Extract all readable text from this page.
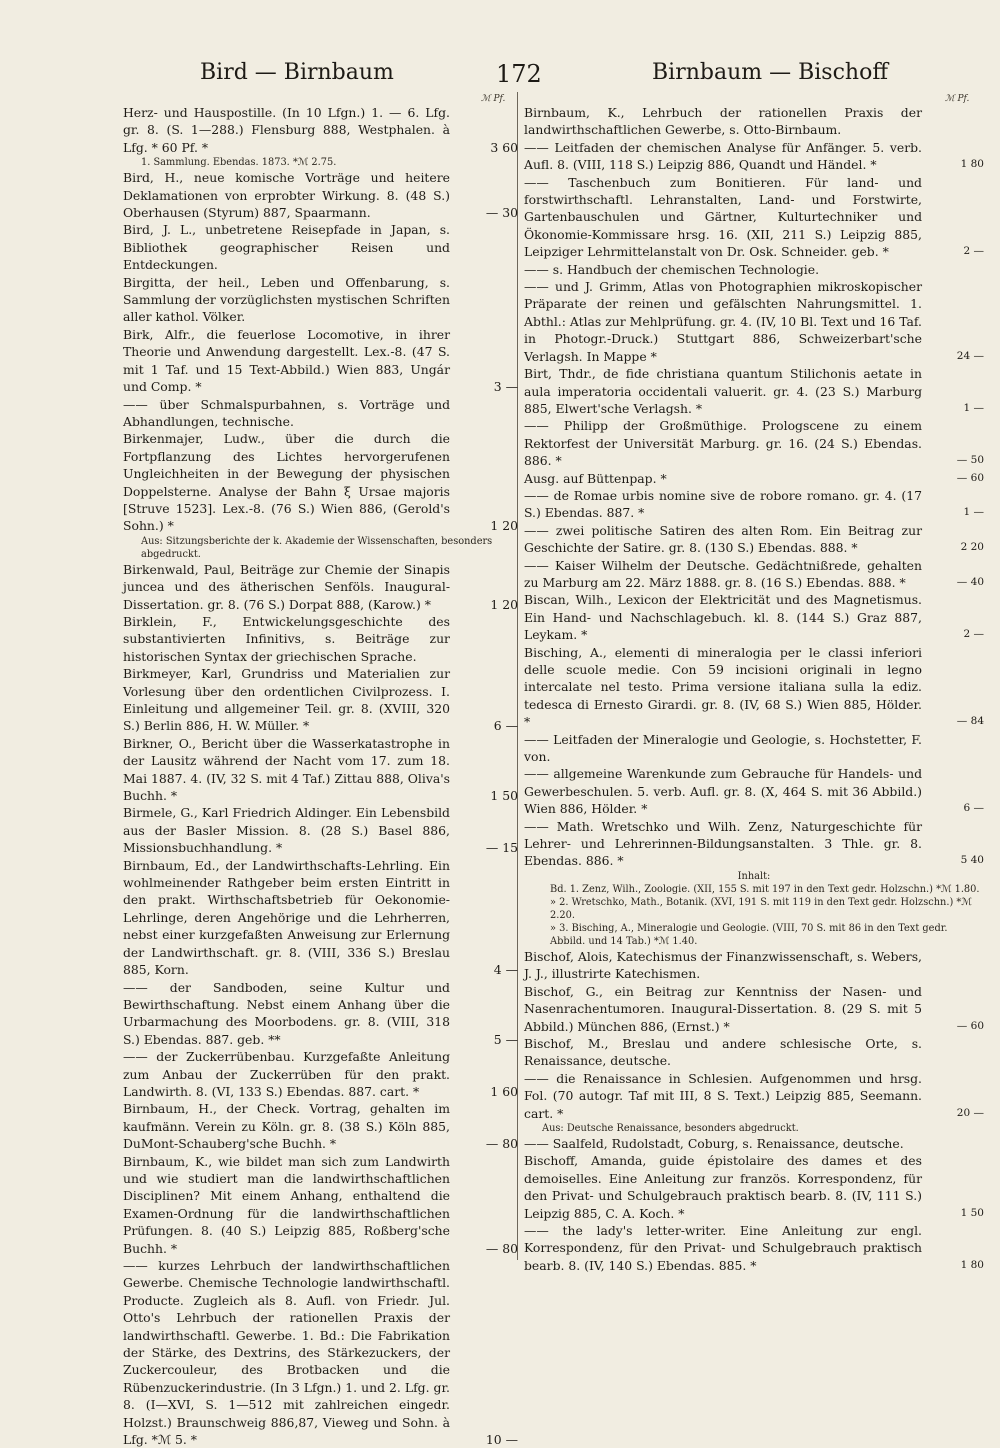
Bird — Birnbaum	172	Birnbaum — Bischoff
ℳ Pf.	ℳ Pf.
Herz- und Hauspostille. (In 10 Lfgn.) 1. — 6. Lfg. gr. 8. (S. 1—288.) Flensburg 888, Westphalen. à Lfg. * 60 Pf. *	3 60
1. Sammlung. Ebendas. 1873. *ℳ 2.75.
Bird, H., neue komische Vorträge und heitere Deklamationen von erprobter Wirkung. 8. (48 S.) Oberhausen (Styrum) 887, Spaarmann.	— 30
Bird, J. L., unbetretene Reisepfade in Japan, s. Bibliothek geographischer Reisen und Entdeckungen.
Birgitta, der heil., Leben und Offenbarung, s. Sammlung der vorzüglichsten mystischen Schriften aller kathol. Völker.
Birk, Alfr., die feuerlose Locomotive, in ihrer Theorie und Anwendung dargestellt. Lex.-8. (47 S. mit 1 Taf. und 15 Text-Abbild.) Wien 883, Ungár und Comp. *	3 —
—— über Schmalspurbahnen, s. Vorträge und Abhandlungen, technische.
Birkenmajer, Ludw., über die durch die Fortpflanzung des Lichtes hervorgerufenen Ungleichheiten in der Bewegung der physischen Doppelsterne. Analyse der Bahn ξ Ursae majoris [Struve 1523]. Lex.-8. (76 S.) Wien 886, (Gerold's Sohn.) *	1 20
Aus: Sitzungsberichte der k. Akademie der Wissenschaften, besonders abgedruckt.
Birkenwald, Paul, Beiträge zur Chemie der Sinapis juncea und des ätherischen Senföls. Inaugural-Dissertation. gr. 8. (76 S.) Dorpat 888, (Karow.) *	1 20
Birklein, F., Entwickelungsgeschichte des substantivierten Infinitivs, s. Beiträge zur historischen Syntax der griechischen Sprache.
Birkmeyer, Karl, Grundriss und Materialien zur Vorlesung über den ordentlichen Civilprozess. I. Einleitung und allgemeiner Teil. gr. 8. (XVIII, 320 S.) Berlin 886, H. W. Müller. *	6 —
Birkner, O., Bericht über die Wasserkatastrophe in der Lausitz während der Nacht vom 17. zum 18. Mai 1887. 4. (IV, 32 S. mit 4 Taf.) Zittau 888, Oliva's Buchh. *	1 50
Birmele, G., Karl Friedrich Aldinger. Ein Lebensbild aus der Basler Mission. 8. (28 S.) Basel 886, Missionsbuchhandlung. *	— 15
Birnbaum, Ed., der Landwirthschafts-Lehrling. Ein wohlmeinender Rathgeber beim ersten Eintritt in den prakt. Wirthschaftsbetrieb für Oekonomie-Lehrlinge, deren Angehörige und die Lehrherren, nebst einer kurzgefaßten Anweisung zur Erlernung der Landwirthschaft. gr. 8. (VIII, 336 S.) Breslau 885, Korn.	4 —
—— der Sandboden, seine Kultur und Bewirthschaftung. Nebst einem Anhang über die Urbarmachung des Moorbodens. gr. 8. (VIII, 318 S.) Ebendas. 887. geb. **	5 —
—— der Zuckerrübenbau. Kurzgefaßte Anleitung zum Anbau der Zuckerrüben für den prakt. Landwirth. 8. (VI, 133 S.) Ebendas. 887. cart. *	1 60
Birnbaum, H., der Check. Vortrag, gehalten im kaufmänn. Verein zu Köln. gr. 8. (38 S.) Köln 885, DuMont-Schauberg'sche Buchh. *	— 80
Birnbaum, K., wie bildet man sich zum Landwirth und wie studiert man die landwirthschaftlichen Disciplinen? Mit einem Anhang, enthaltend die Examen-Ordnung für die landwirthschaftlichen Prüfungen. 8. (40 S.) Leipzig 885, Roßberg'sche Buchh. *	— 80
—— kurzes Lehrbuch der landwirthschaftlichen Gewerbe. Chemische Technologie landwirthschaftl. Producte. Zugleich als 8. Aufl. von Friedr. Jul. Otto's Lehrbuch der rationellen Praxis der landwirthschaftl. Gewerbe. 1. Bd.: Die Fabrikation der Stärke, des Dextrins, des Stärkezuckers, der Zuckercouleur, des Brotbacken und die Rübenzuckerindustrie. (In 3 Lfgn.) 1. und 2. Lfg. gr. 8. (I—XVI, S. 1—512 mit zahlreichen eingedr. Holzst.) Braunschweig 886,87, Vieweg und Sohn. à Lfg. *ℳ 5. *	10 —
Birnbaum, K., Lehrbuch der rationellen Praxis der landwirthschaftlichen Gewerbe, s. Otto-Birnbaum.
—— Leitfaden der chemischen Analyse für Anfänger. 5. verb. Aufl. 8. (VIII, 118 S.) Leipzig 886, Quandt und Händel. *	1 80
—— Taschenbuch zum Bonitieren. Für land- und forstwirthschaftl. Lehranstalten, Land- und Forstwirte, Gartenbauschulen und Gärtner, Kulturtechniker und Ökonomie-Kommissare hrsg. 16. (XII, 211 S.) Leipzig 885, Leipziger Lehrmittelanstalt von Dr. Osk. Schneider. geb. *	2 —
—— s. Handbuch der chemischen Technologie.
—— und J. Grimm, Atlas von Photographien mikroskopischer Präparate der reinen und gefälschten Nahrungsmittel. 1. Abthl.: Atlas zur Mehlprüfung. gr. 4. (IV, 10 Bl. Text und 16 Taf. in Photogr.-Druck.) Stuttgart 886, Schweizerbart'sche Verlagsh. In Mappe *	24 —
Birt, Thdr., de fide christiana quantum Stilichonis aetate in aula imperatoria occidentali valuerit. gr. 4. (23 S.) Marburg 885, Elwert'sche Verlagsh. *	1 —
—— Philipp der Großmüthige. Prologscene zu einem Rektorfest der Universität Marburg. gr. 16. (24 S.) Ebendas. 886. *	— 50
Ausg. auf Büttenpap. *	— 60
—— de Romae urbis nomine sive de robore romano. gr. 4. (17 S.) Ebendas. 887. *	1 —
—— zwei politische Satiren des alten Rom. Ein Beitrag zur Geschichte der Satire. gr. 8. (130 S.) Ebendas. 888. *	2 20
—— Kaiser Wilhelm der Deutsche. Gedächtnißrede, gehalten zu Marburg am 22. März 1888. gr. 8. (16 S.) Ebendas. 888. *	— 40
Biscan, Wilh., Lexicon der Elektricität und des Magnetismus. Ein Hand- und Nachschlagebuch. kl. 8. (144 S.) Graz 887, Leykam. *	2 —
Bisching, A., elementi di mineralogia per le classi inferiori delle scuole medie. Con 59 incisioni originali in legno intercalate nel testo. Prima versione italiana sulla la ediz. tedesca di Ernesto Girardi. gr. 8. (IV, 68 S.) Wien 885, Hölder. *	— 84
—— Leitfaden der Mineralogie und Geologie, s. Hochstetter, F. von.
—— allgemeine Warenkunde zum Gebrauche für Handels- und Gewerbeschulen. 5. verb. Aufl. gr. 8. (X, 464 S. mit 36 Abbild.) Wien 886, Hölder. *	6 —
—— Math. Wretschko und Wilh. Zenz, Naturgeschichte für Lehrer- und Lehrerinnen-Bildungsanstalten. 3 Thle. gr. 8. Ebendas. 886. *	5 40
Inhalt:
Bd. 1. Zenz, Wilh., Zoologie. (XII, 155 S. mit 197 in den Text gedr. Holzschn.) *ℳ 1.80.
» 2. Wretschko, Math., Botanik. (XVI, 191 S. mit 119 in den Text gedr. Holzschn.) *ℳ 2.20.
» 3. Bisching, A., Mineralogie und Geologie. (VIII, 70 S. mit 86 in den Text gedr. Abbild. und 14 Tab.) *ℳ 1.40.
Bischof, Alois, Katechismus der Finanzwissenschaft, s. Webers, J. J., illustrirte Katechismen.
Bischof, G., ein Beitrag zur Kenntniss der Nasen- und Nasenrachentumoren. Inaugural-Dissertation. 8. (29 S. mit 5 Abbild.) München 886, (Ernst.) *	— 60
Bischof, M., Breslau und andere schlesische Orte, s. Renaissance, deutsche.
—— die Renaissance in Schlesien. Aufgenommen und hrsg. Fol. (70 autogr. Taf mit III, 8 S. Text.) Leipzig 885, Seemann. cart. *	20 —
Aus: Deutsche Renaissance, besonders abgedruckt.
—— Saalfeld, Rudolstadt, Coburg, s. Renaissance, deutsche.
Bischoff, Amanda, guide épistolaire des dames et des demoiselles. Eine Anleitung zur französ. Korrespondenz, für den Privat- und Schulgebrauch praktisch bearb. 8. (IV, 111 S.) Leipzig 885, C. A. Koch. *	1 50
—— the lady's letter-writer. Eine Anleitung zur engl. Korrespondenz, für den Privat- und Schulgebrauch praktisch bearb. 8. (IV, 140 S.) Ebendas. 885. *	1 80
